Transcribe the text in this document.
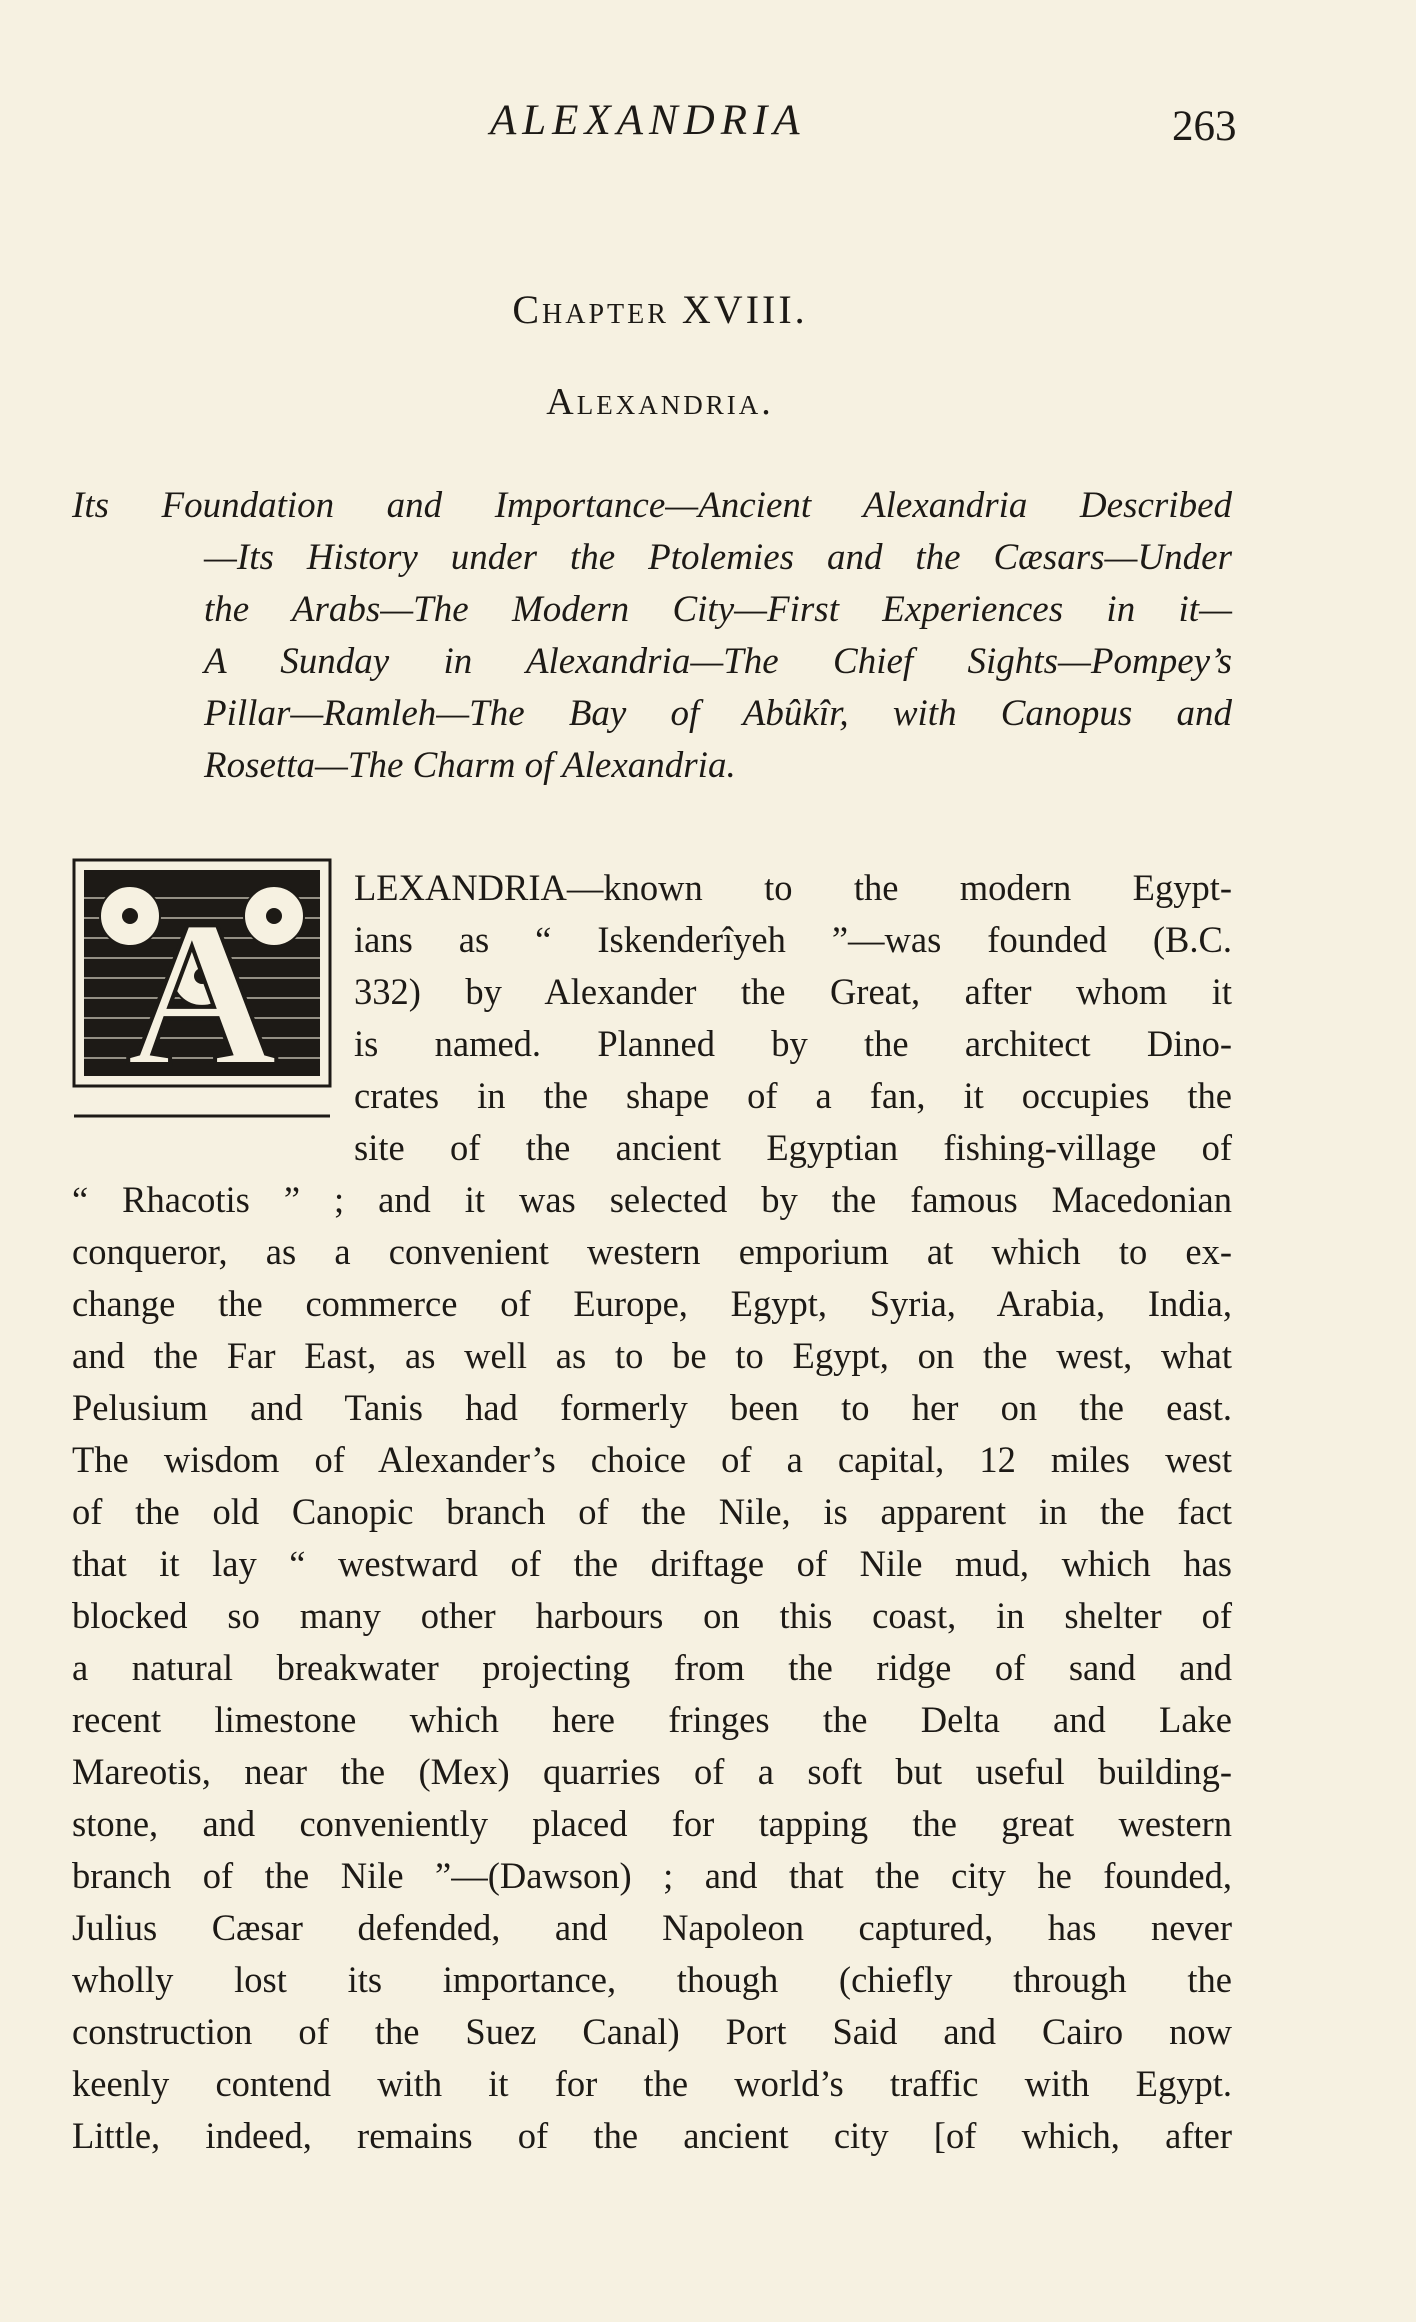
ALEXANDRIA	263
Chapter XVIII.
Alexandria.
Its Foundation and Importance—Ancient Alexandria Described
—Its History under the Ptolemies and the Cæsars—Under
the Arabs—The Modern City—First Experiences in it—
A Sunday in Alexandria—The Chief Sights—Pompey’s
Pillar—Ramleh—The Bay of Abûkîr, with Canopus and
Rosetta—The Charm of Alexandria.
A	LEXANDRIA—known to the modern Egypt-
ians as “ Iskenderîyeh ”—was founded (B.C.
332) by Alexander the Great, after whom it
is named. Planned by the architect Dino-
crates in the shape of a fan, it occupies the
site of the ancient Egyptian fishing-village of
“ Rhacotis ” ; and it was selected by the famous Macedonian
conqueror, as a convenient western emporium at which to ex-
change the commerce of Europe, Egypt, Syria, Arabia, India,
and the Far East, as well as to be to Egypt, on the west, what
Pelusium and Tanis had formerly been to her on the east.
The wisdom of Alexander’s choice of a capital, 12 miles west
of the old Canopic branch of the Nile, is apparent in the fact
that it lay “ westward of the driftage of Nile mud, which has
blocked so many other harbours on this coast, in shelter of
a natural breakwater projecting from the ridge of sand and
recent limestone which here fringes the Delta and Lake
Mareotis, near the (Mex) quarries of a soft but useful building-
stone, and conveniently placed for tapping the great western
branch of the Nile ”—(Dawson) ; and that the city he founded,
Julius Cæsar defended, and Napoleon captured, has never
wholly lost its importance, though (chiefly through the
construction of the Suez Canal) Port Said and Cairo now
keenly contend with it for the world’s traffic with Egypt.
Little, indeed, remains of the ancient city [of which, after
